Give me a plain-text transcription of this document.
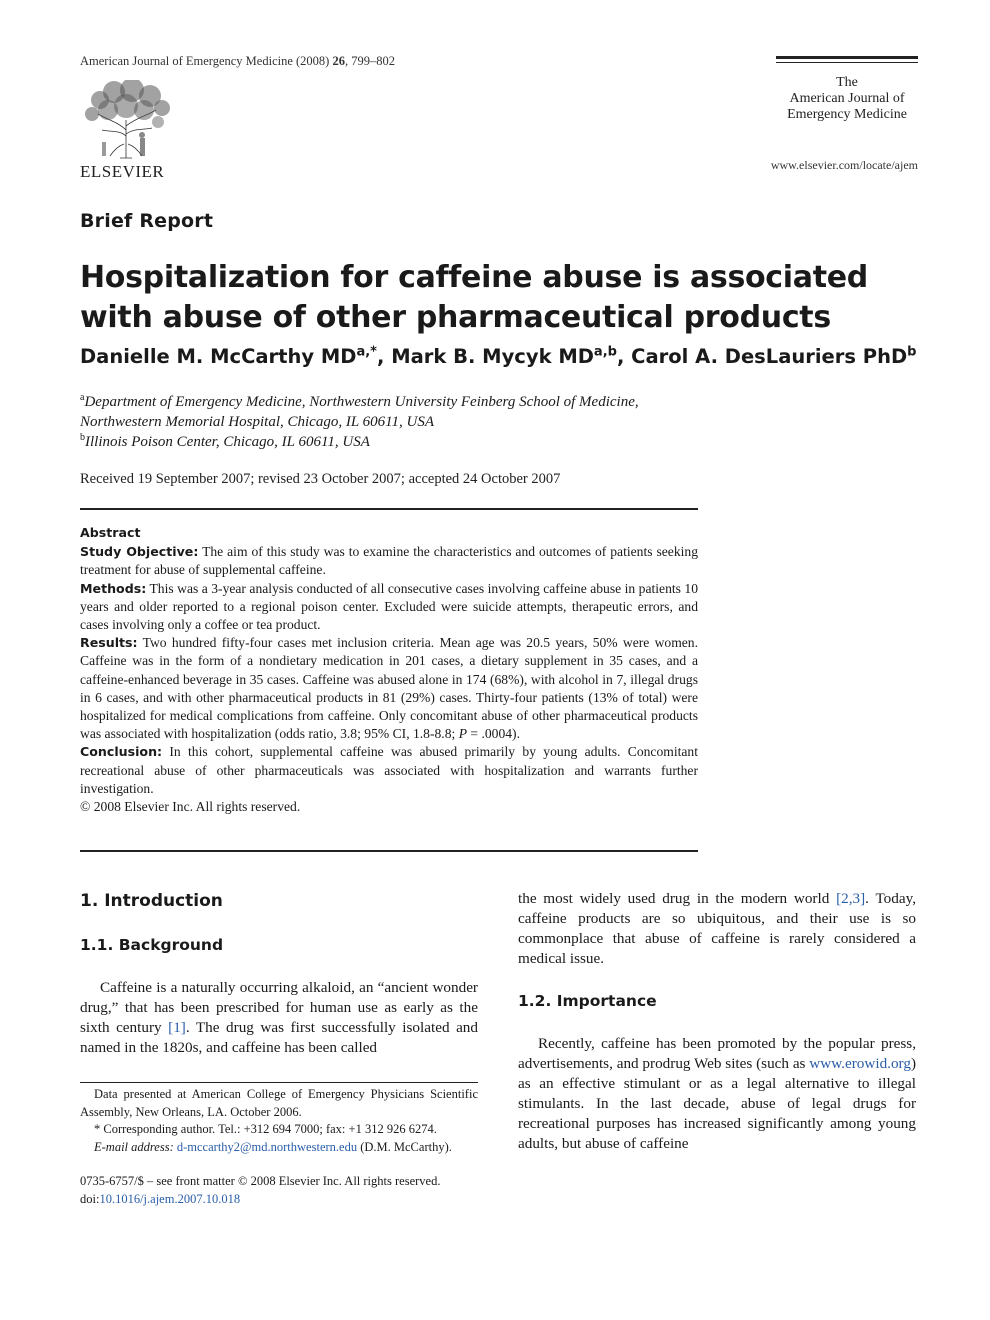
American Journal of Emergency Medicine (2008) 26, 799–802
ELSEVIER
The
American Journal of
Emergency Medicine
www.elsevier.com/locate/ajem
Brief Report
Hospitalization for caffeine abuse is associated with abuse of other pharmaceutical products
Danielle M. McCarthy $MD^{a,*}$, Mark B. Mycyk MD$^{a,b}$, Carol A. DesLauriers PhD$^b$
$^a$Department of Emergency Medicine, Northwestern University Feinberg School of Medicine,
Northwestern Memorial Hospital, Chicago, IL 60611, USA
$^b$Illinois Poison Center, Chicago, IL 60611, USA
Received 19 September 2007; revised 23 October 2007; accepted 24 October 2007
Abstract

Study Objective: The aim of this study was to examine the characteristics and outcomes of patients seeking treatment for abuse of supplemental caffeine.

Methods: This was a 3-year analysis conducted of all consecutive cases involving caffeine abuse in patients 10 years and older reported to a regional poison center. Excluded were suicide attempts, therapeutic errors, and cases involving only a coffee or tea product.

Results: Two hundred fifty-four cases met inclusion criteria. Mean age was 20.5 years, 50% were women. Caffeine was in the form of a nondietary medication in 201 cases, a dietary supplement in 35 cases, and a caffeine-enhanced beverage in 35 cases. Caffeine was abused alone in 174 (68%), with alcohol in 7, illegal drugs in 6 cases, and with other pharmaceutical products in 81 (29%) cases. Thirty-four patients (13% of total) were hospitalized for medical complications from caffeine. Only concomitant abuse of other pharmaceutical products was associated with hospitalization (odds ratio, 3.8; 95% CI, 1.8-8.8; P = .0004).

Conclusion: In this cohort, supplemental caffeine was abused primarily by young adults. Concomitant recreational abuse of other pharmaceuticals was associated with hospitalization and warrants further investigation.

© 2008 Elsevier Inc. All rights reserved.

1. Introduction
1.1. Background
Caffeine is a naturally occurring alkaloid, an “ancient wonder drug,” that has been prescribed for human use as early as the sixth century [1]. The drug was first successfully isolated and named in the 1820s, and caffeine has been called
the most widely used drug in the modern world [2,3]. Today, caffeine products are so ubiquitous, and their use is so commonplace that abuse of caffeine is rarely considered a medical issue.
1.2. Importance
Recently, caffeine has been promoted by the popular press, advertisements, and prodrug Web sites (such as www.erowid.org) as an effective stimulant or as a legal alternative to illegal stimulants. In the last decade, abuse of legal drugs for recreational purposes has increased significantly among young adults, but abuse of caffeine

Data presented at American College of Emergency Physicians Scientific Assembly, New Orleans, LA. October 2006.

* Corresponding author. Tel.: +312 694 7000; fax: +1 312 926 6274.

E-mail address: d-mccarthy2@md.northwestern.edu (D.M. McCarthy).

0735-6757/$ – see front matter © 2008 Elsevier Inc. All rights reserved.
doi:10.1016/j.ajem.2007.10.018
